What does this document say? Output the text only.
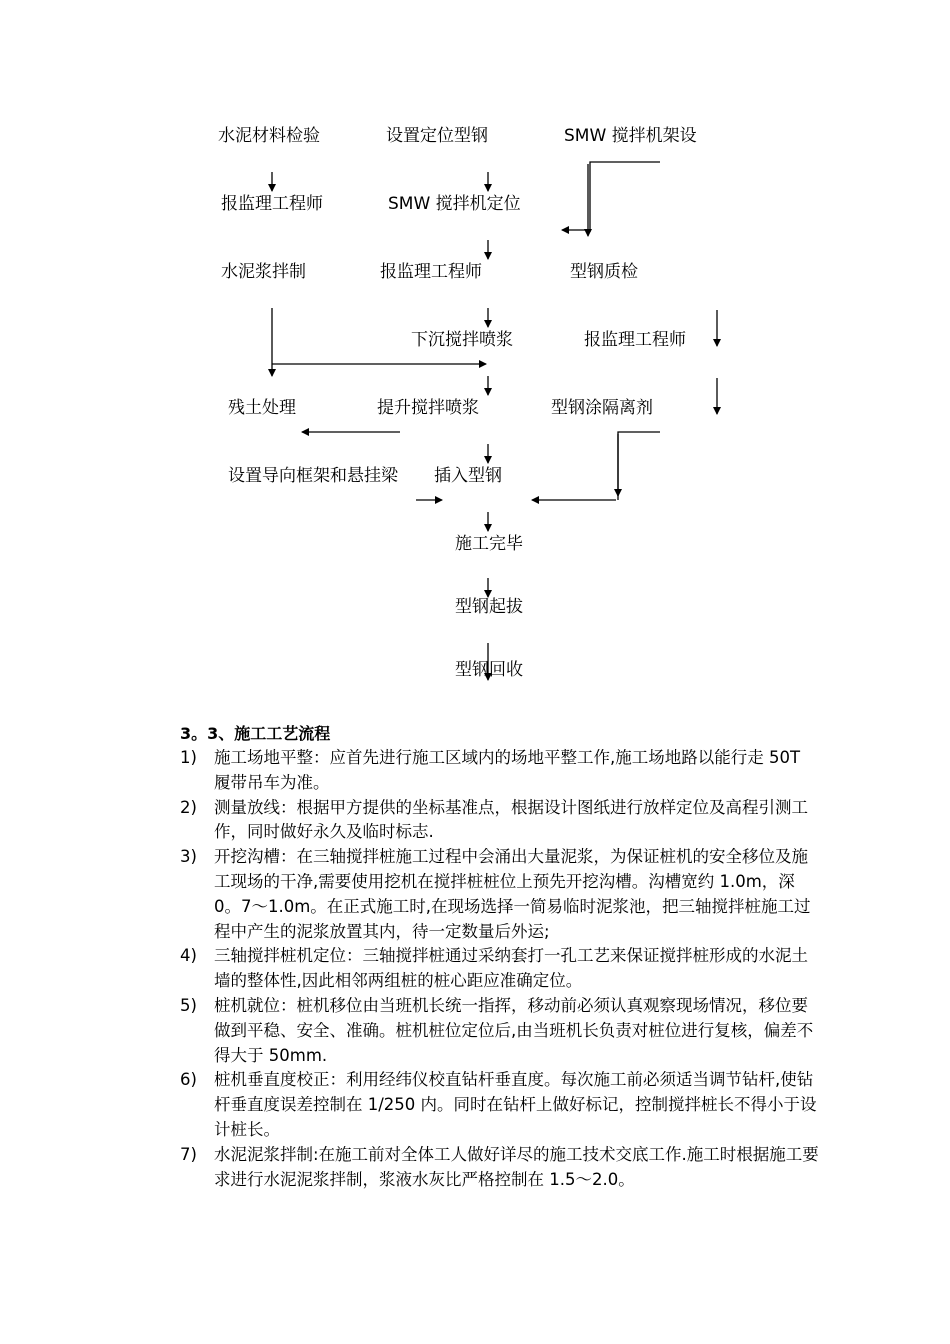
水泥材料检验	设置定位型钢	SMW 搅拌机架设
报监理工程师	SMW 搅拌机定位
水泥浆拌制	报监理工程师	型钢质检
下沉搅拌喷浆	报监理工程师
残土处理	提升搅拌喷浆	型钢涂隔离剂
设置导向框架和悬挂梁 插入型钢
施工完毕
型钢起拔
型钢回收
3。3、施工工艺流程
1) 施工场地平整：应首先进行施工区域内的场地平整工作,施工场地路以能行走 50T 履带吊车为准。
2) 测量放线：根据甲方提供的坐标基准点，根据设计图纸进行放样定位及高程引测工作，同时做好永久及临时标志.
3) 开挖沟槽：在三轴搅拌桩施工过程中会涌出大量泥浆，为保证桩机的安全移位及施工现场的干净,需要使用挖机在搅拌桩桩位上预先开挖沟槽。沟槽宽约 1.0m，深 0。7～1.0m。在正式施工时,在现场选择一简易临时泥浆池，把三轴搅拌桩施工过程中产生的泥浆放置其内，待一定数量后外运;
4) 三轴搅拌桩机定位：三轴搅拌桩通过采纳套打一孔工艺来保证搅拌桩形成的水泥土墙的整体性,因此相邻两组桩的桩心距应准确定位。
5) 桩机就位：桩机移位由当班机长统一指挥，移动前必须认真观察现场情况，移位要做到平稳、安全、准确。桩机桩位定位后,由当班机长负责对桩位进行复核，偏差不得大于 50mm.
6) 桩机垂直度校正：利用经纬仪校直钻杆垂直度。每次施工前必须适当调节钻杆,使钻杆垂直度误差控制在 1/250 内。同时在钻杆上做好标记，控制搅拌桩长不得小于设计桩长。
7) 水泥泥浆拌制:在施工前对全体工人做好详尽的施工技术交底工作.施工时根据施工要求进行水泥泥浆拌制，浆液水灰比严格控制在 1.5～2.0。
